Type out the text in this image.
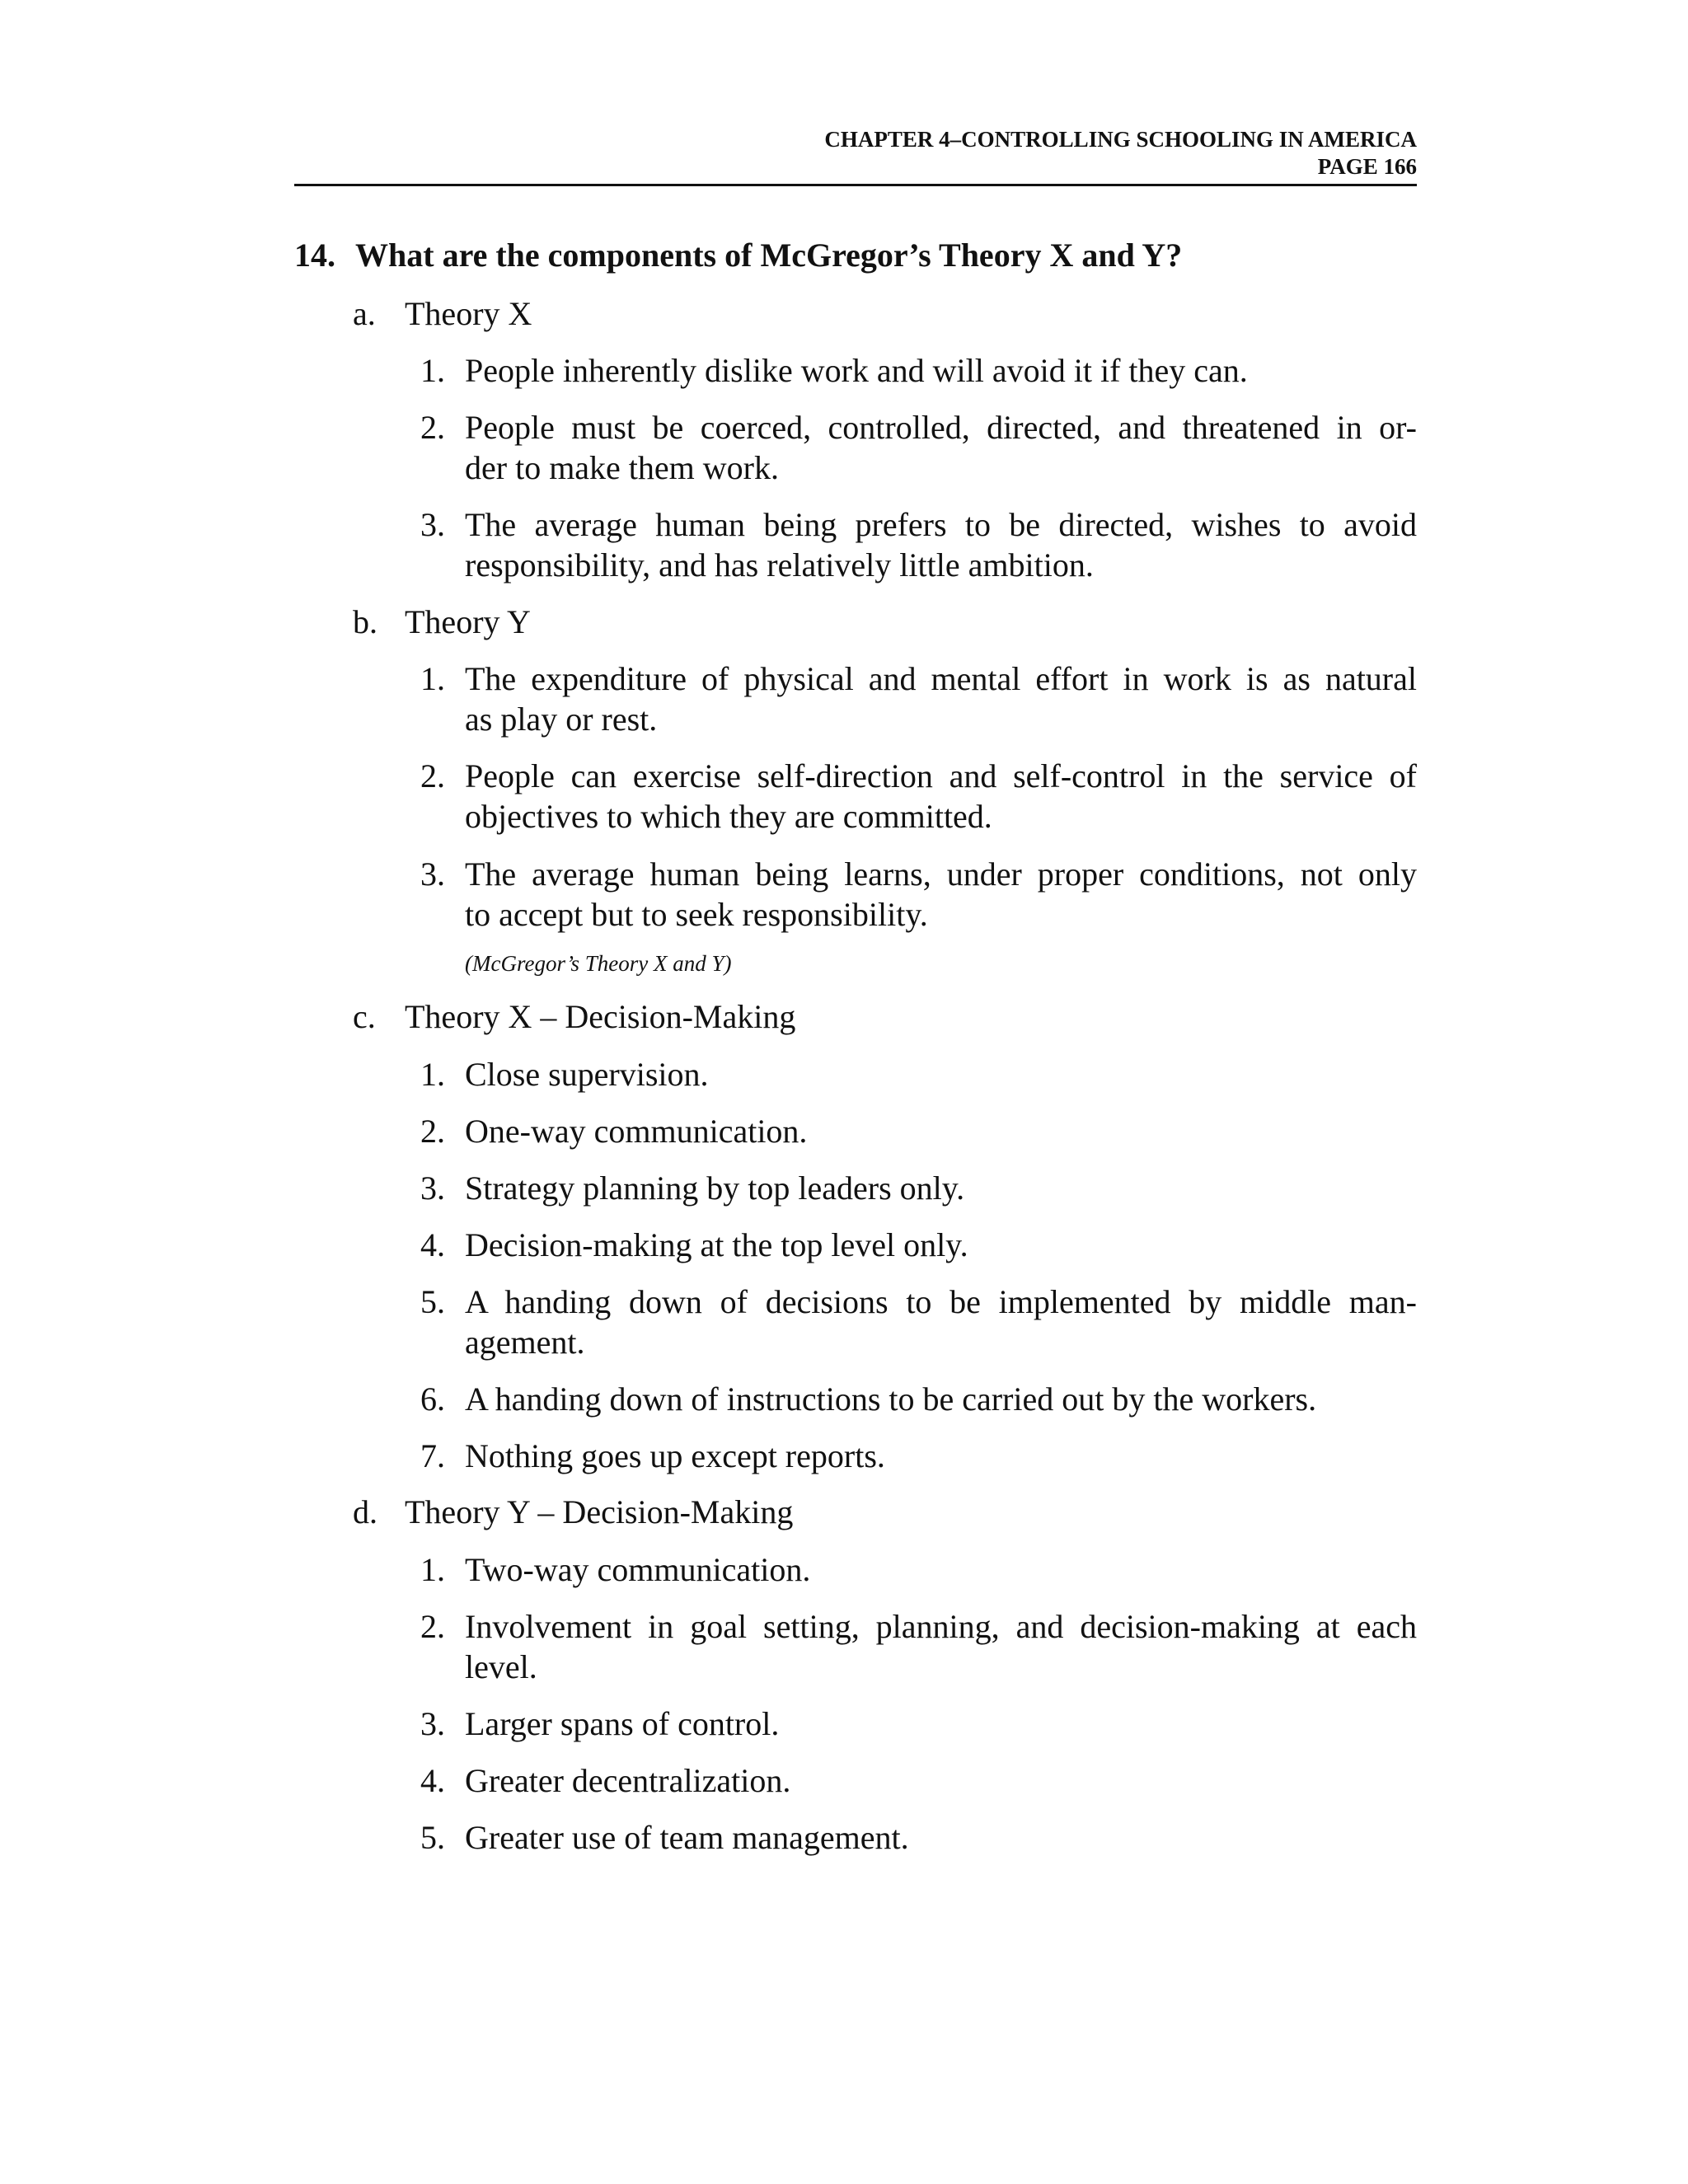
CHAPTER 4–CONTROLLING SCHOOLING IN AMERICA
PAGE 166
14. What are the components of McGregor’s Theory X and Y?
a. Theory X
1. People inherently dislike work and will avoid it if they can.
2. People must be coerced, controlled, directed, and threatened in or-
der to make them work.
3. The average human being prefers to be directed, wishes to avoid
responsibility, and has relatively little ambition.
b. Theory Y
1. The expenditure of physical and mental effort in work is as natural
as play or rest.
2. People can exercise self-direction and self-control in the service of
objectives to which they are committed.
3. The average human being learns, under proper conditions, not only
to accept but to seek responsibility.
(McGregor’s Theory X and Y)
c. Theory X – Decision-Making
1. Close supervision.
2. One-way communication.
3. Strategy planning by top leaders only.
4. Decision-making at the top level only.
5. A handing down of decisions to be implemented by middle man-
agement.
6. A handing down of instructions to be carried out by the workers.
7. Nothing goes up except reports.
d. Theory Y – Decision-Making
1. Two-way communication.
2. Involvement in goal setting, planning, and decision-making at each
level.
3. Larger spans of control.
4. Greater decentralization.
5. Greater use of team management.
